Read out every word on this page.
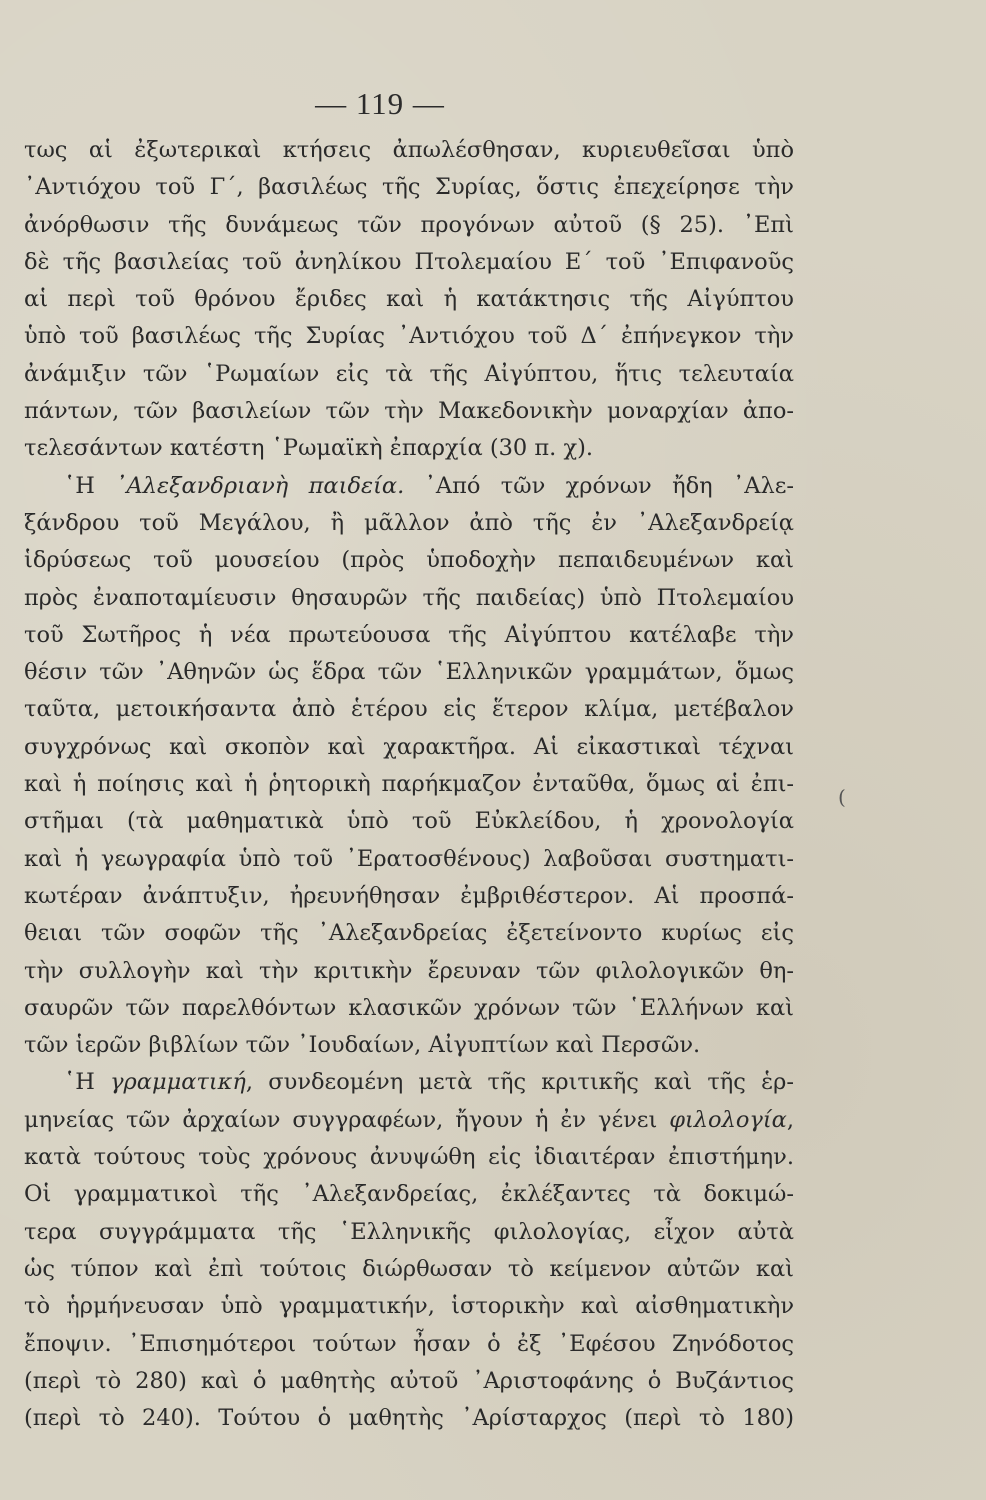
— 119 —
τως αἱ ἐξωτερικαὶ κτήσεις ἀπωλέσθησαν, κυριευθεῖσαι ὑπὸ
᾿Αντιόχου τοῦ Γ΄, βασιλέως τῆς Συρίας, ὅστις ἐπεχείρησε τὴν
ἀνόρθωσιν τῆς δυνάμεως τῶν προγόνων αὐτοῦ (§ 25). ᾿Επὶ
δὲ τῆς βασιλείας τοῦ ἀνηλίκου Πτολεμαίου Ε΄ τοῦ ᾿Επιφανοῦς
αἱ περὶ τοῦ θρόνου ἔριδες καὶ ἡ κατάκτησις τῆς Αἰγύπτου
ὑπὸ τοῦ βασιλέως τῆς Συρίας ᾿Αντιόχου τοῦ Δ΄ ἐπήνεγκον τὴν
ἀνάμιξιν τῶν ῾Ρωμαίων εἰς τὰ τῆς Αἰγύπτου, ἥτις τελευταία
πάντων, τῶν βασιλείων τῶν τὴν Μακεδονικὴν μοναρχίαν ἀπο-
τελεσάντων κατέστη ῾Ρωμαϊκὴ ἐπαρχία (30 π. χ).
῾Η ᾿Αλεξανδριανὴ παιδεία. ᾿Από τῶν χρόνων ἤδη ᾿Αλε-
ξάνδρου τοῦ Μεγάλου, ἢ μᾶλλον ἀπὸ τῆς ἐν ᾿Αλεξανδρείᾳ
ἱδρύσεως τοῦ μουσείου (πρὸς ὑποδοχὴν πεπαιδευμένων καὶ
πρὸς ἐναποταμίευσιν θησαυρῶν τῆς παιδείας) ὑπὸ Πτολεμαίου
τοῦ Σωτῆρος ἡ νέα πρωτεύουσα τῆς Αἰγύπτου κατέλαβε τὴν
θέσιν τῶν ᾿Αθηνῶν ὡς ἕδρα τῶν ῾Ελληνικῶν γραμμάτων, ὅμως
ταῦτα, μετοικήσαντα ἀπὸ ἑτέρου εἰς ἕτερον κλίμα, μετέβαλον
συγχρόνως καὶ σκοπὸν καὶ χαρακτῆρα. Αἱ εἰκαστικαὶ τέχναι
καὶ ἡ ποίησις καὶ ἡ ῥητορικὴ παρήκμαζον ἐνταῦθα, ὅμως αἱ ἐπι-
στῆμαι (τὰ μαθηματικὰ ὑπὸ τοῦ Εὐκλείδου, ἡ χρονολογία
καὶ ἡ γεωγραφία ὑπὸ τοῦ ᾿Ερατοσθένους) λαβοῦσαι συστηματι-
κωτέραν ἀνάπτυξιν, ἠρευνήθησαν ἐμβριθέστερον. Αἱ προσπά-
θειαι τῶν σοφῶν τῆς ᾿Αλεξανδρείας ἐξετείνοντο κυρίως εἰς
τὴν συλλογὴν καὶ τὴν κριτικὴν ἔρευναν τῶν φιλολογικῶν θη-
σαυρῶν τῶν παρελθόντων κλασικῶν χρόνων τῶν ῾Ελλήνων καὶ
τῶν ἱερῶν βιβλίων τῶν ᾿Ιουδαίων, Αἰγυπτίων καὶ Περσῶν.
῾Η γραμματική, συνδεομένη μετὰ τῆς κριτικῆς καὶ τῆς ἑρ-
μηνείας τῶν ἀρχαίων συγγραφέων, ἤγουν ἡ ἐν γένει φιλολογία,
κατὰ τούτους τοὺς χρόνους ἀνυψώθη εἰς ἰδιαιτέραν ἐπιστήμην.
Οἱ γραμματικοὶ τῆς ᾿Αλεξανδρείας, ἐκλέξαντες τὰ δοκιμώ-
τερα συγγράμματα τῆς ῾Ελληνικῆς φιλολογίας, εἶχον αὐτὰ
ὡς τύπον καὶ ἐπὶ τούτοις διώρθωσαν τὸ κείμενον αὐτῶν καὶ
τὸ ἡρμήνευσαν ὑπὸ γραμματικήν, ἱστορικὴν καὶ αἰσθηματικὴν
ἔποψιν. ᾿Επισημότεροι τούτων ἦσαν ὁ ἐξ ᾿Εφέσου Ζηνόδοτος
(περὶ τὸ 280) καὶ ὁ μαθητὴς αὐτοῦ ᾿Αριστοφάνης ὁ Βυζάντιος
(περὶ τὸ 240). Τούτου ὁ μαθητὴς ᾿Αρίσταρχος (περὶ τὸ 180)
(
